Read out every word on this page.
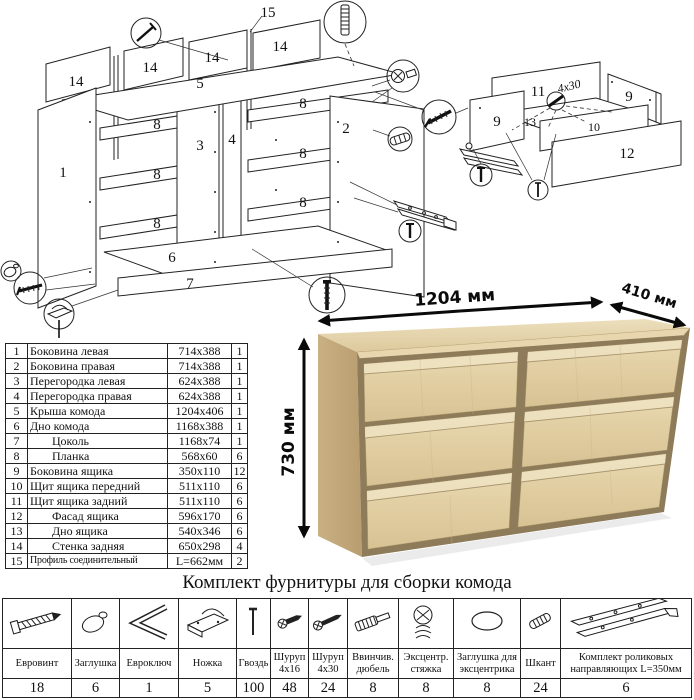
1
2
3 4
5
6
7
8
8
8
8
8
8
14
14
14
14
15
11	9
9 13	10
12
4x30
1204 мм	410 мм
730 мм
1	Боковина левая	714x388	1
2	Боковина правая	714x388	1
3	Перегородка левая	624x388	1
4	Перегородка правая	624x388	1
5	Крыша комода	1204x406	1
6	Дно комода	1168x388	1
7	Цоколь	1168x74	1
8	Планка	568x60	6
9	Боковина ящика	350x110	12
10	Щит ящика передний	511x110	6
11	Щит ящика задний	511x110	6
12	Фасад ящика	596x170	6
13	Дно ящика	540x346	6
14	Стенка задняя	650x298	4
15	Профиль соединительный	L=662мм	2
Комплект фурнитуры для сборки комода

Евровинт	Заглушка	Евроключ	Ножка	Гвоздь	Шуруп 4x16	Шуруп 4x30	Ввинчив. дюбель	Эксцентр. стяжка	Заглушка для эксцентрика	Шкант	Комплект роликовых направляющих L=350мм
18	6	1	5	100	48	24	8	8	8	24	6
